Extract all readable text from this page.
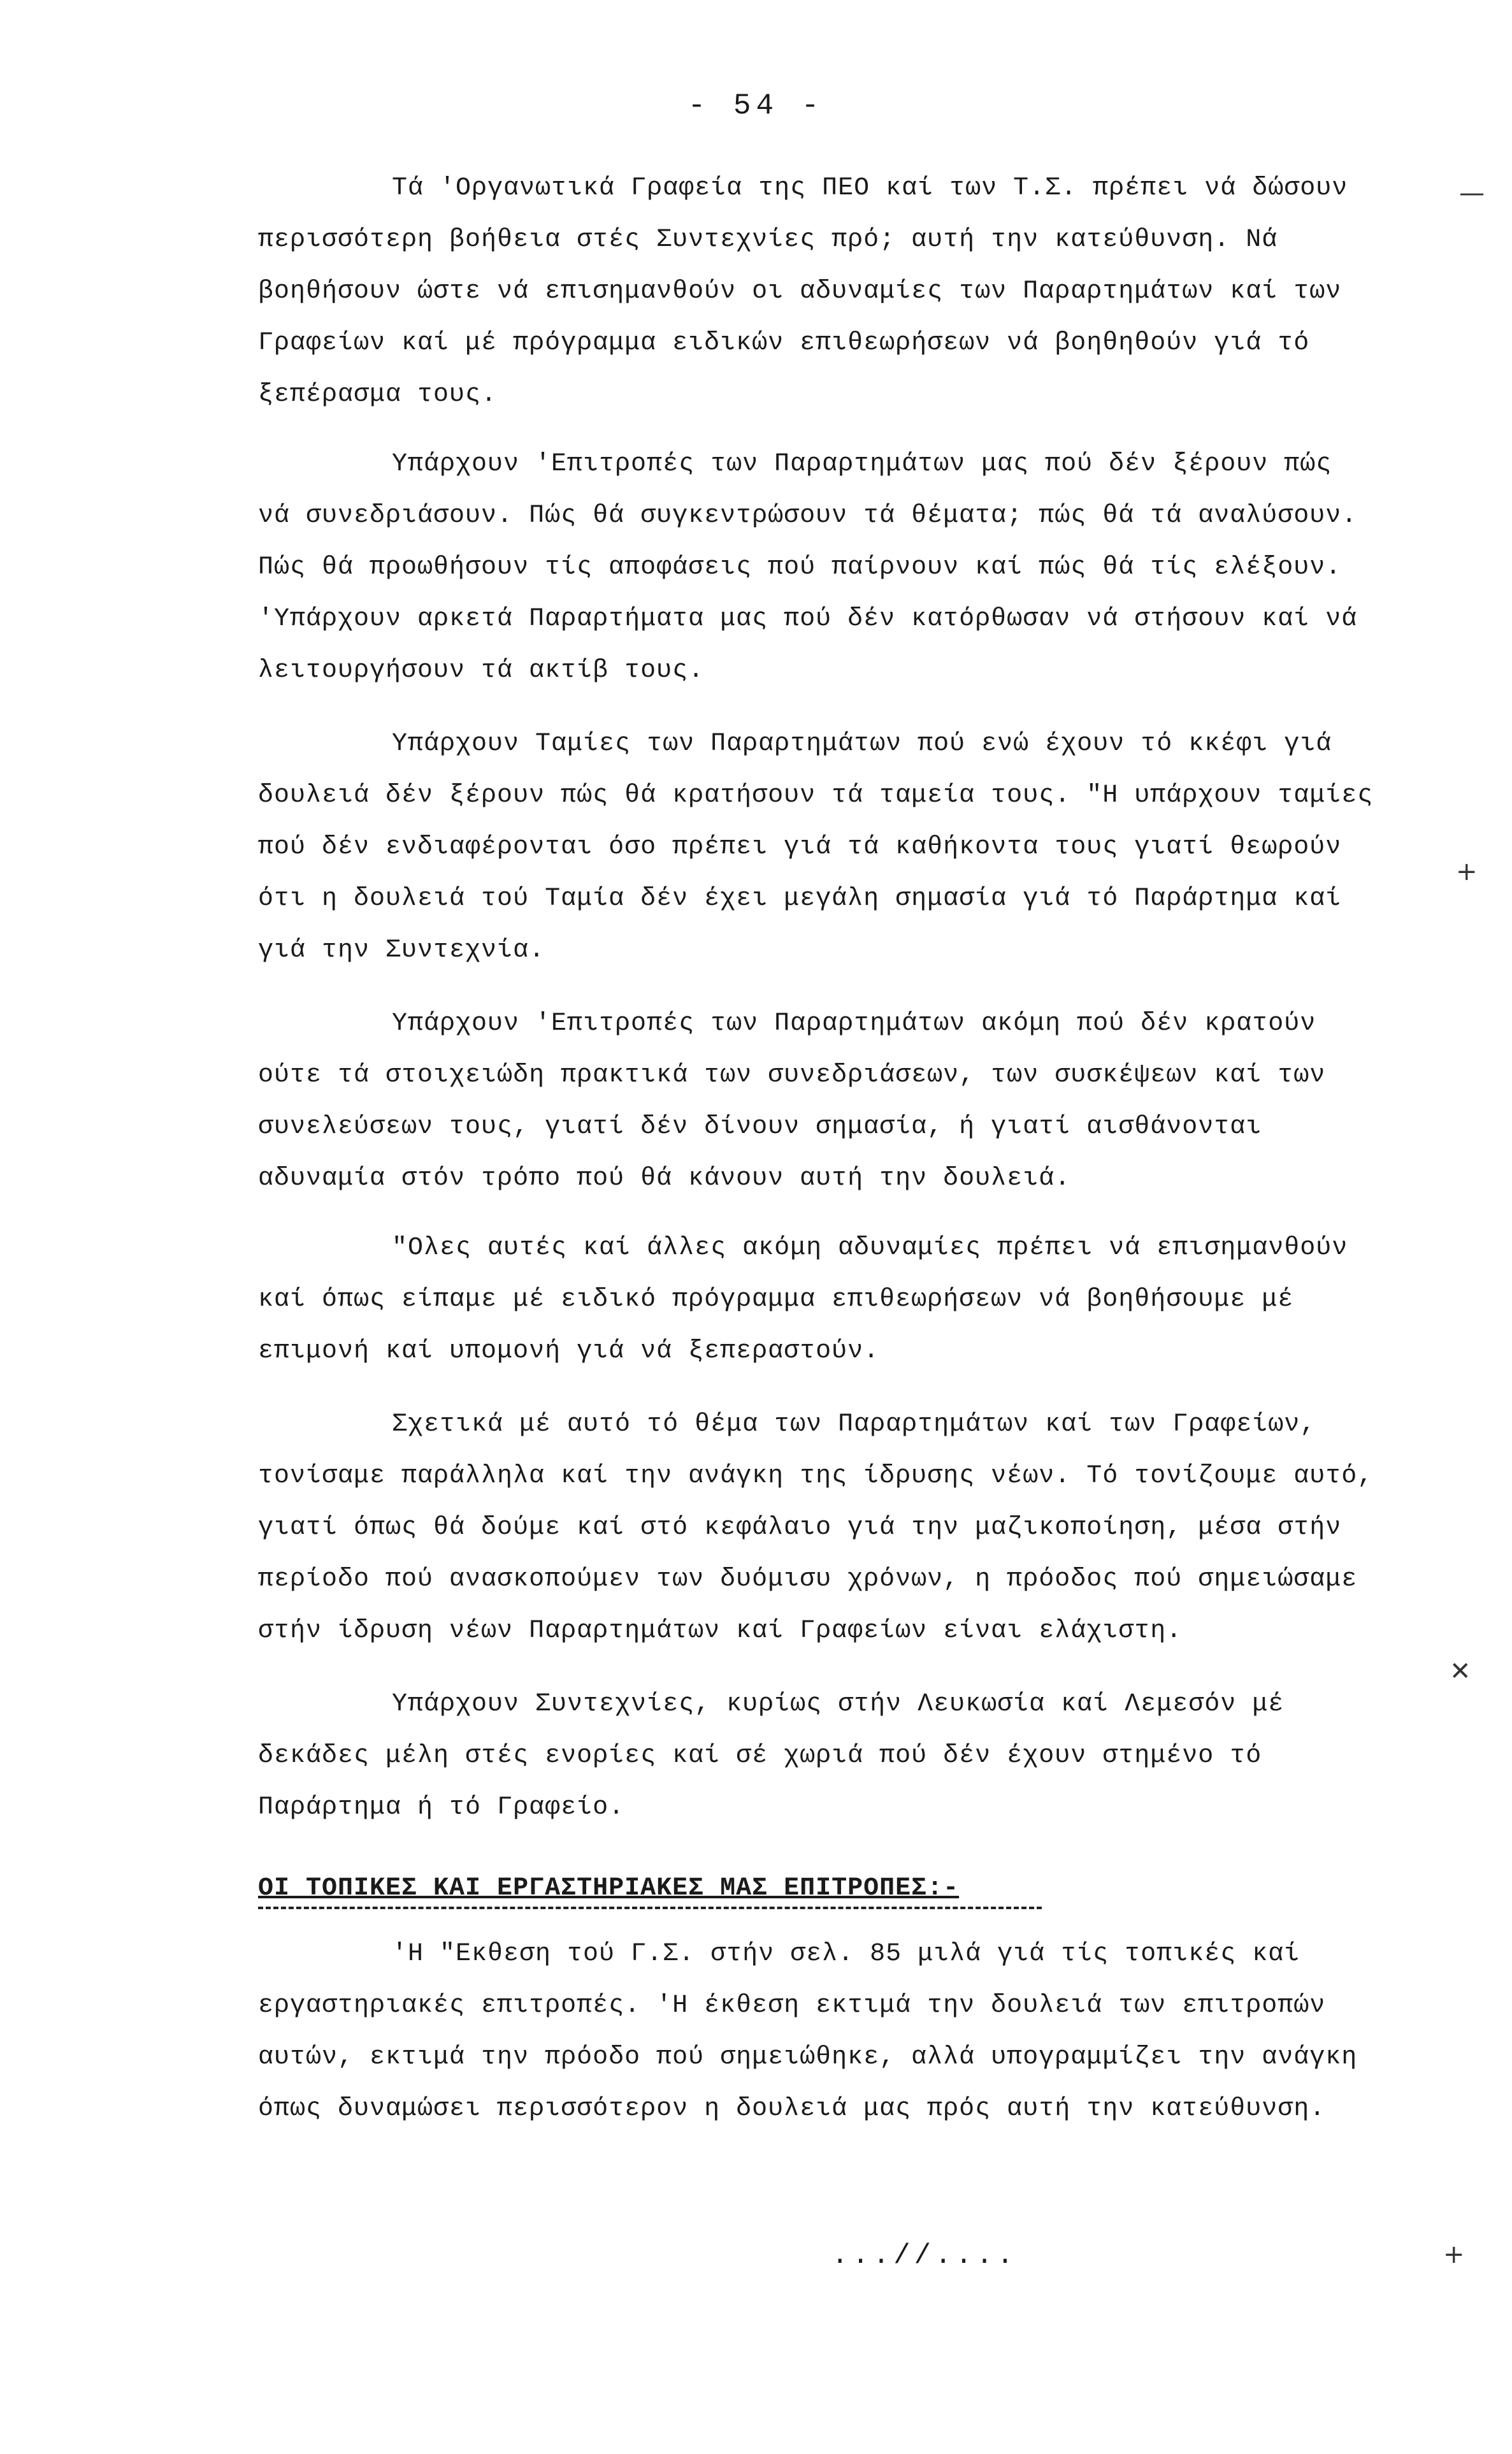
- 54 -

Τά 'Οργανωτικά Γραφεία της ΠΕΟ καί των Τ.Σ. πρέπει νά δώσουν περισσότερη βοήθεια στές Συντεχνίες πρό; αυτή την κατεύθυνση. Νά βοηθήσουν ώστε νά επισημανθούν οι αδυναμίες των Παραρτημάτων καί των Γραφείων καί μέ πρόγραμμα ειδικών επιθεωρήσεων νά βοηθηθούν γιά τό ξεπέρασμα τους.

Υπάρχουν 'Επιτροπές των Παραρτημάτων μας πού δέν ξέρουν πώς νά συνεδριάσουν. Πώς θά συγκεντρώσουν τά θέματα; πώς θά τά αναλύσουν. Πώς θά προωθήσουν τίς αποφάσεις πού παίρνουν καί πώς θά τίς ελέξουν. 'Υπάρχουν αρκετά Παραρτήματα μας πού δέν κατόρθωσαν νά στήσουν καί νά λειτουργήσουν τά ακτίβ τους.

Υπάρχουν Ταμίες των Παραρτημάτων πού ενώ έχουν τό κκέφι γιά δουλειά δέν ξέρουν πώς θά κρατήσουν τά ταμεία τους. "Η υπάρχουν ταμίες πού δέν ενδιαφέρονται όσο πρέπει γιά τά καθήκοντα τους γιατί θεωρούν ότι η δουλειά τού Ταμία δέν έχει μεγάλη σημασία γιά τό Παράρτημα καί γιά την Συντεχνία.

Υπάρχουν 'Επιτροπές των Παραρτημάτων ακόμη πού δέν κρατούν ούτε τά στοιχειώδη πρακτικά των συνεδριάσεων, των συσκέψεων καί των συνελεύσεων τους, γιατί δέν δίνουν σημασία, ή γιατί αισθάνονται αδυναμία στόν τρόπο πού θά κάνουν αυτή την δουλειά.

"Ολες αυτές καί άλλες ακόμη αδυναμίες πρέπει νά επισημανθούν καί όπως είπαμε μέ ειδικό πρόγραμμα επιθεωρήσεων νά βοηθήσουμε μέ επιμονή καί υπομονή γιά νά ξεπεραστούν.

Σχετικά μέ αυτό τό θέμα των Παραρτημάτων καί των Γραφείων, τονίσαμε παράλληλα καί την ανάγκη της ίδρυσης νέων. Τό τονίζουμε αυτό, γιατί όπως θά δούμε καί στό κεφάλαιο γιά την μαζικοποίηση, μέσα στήν περίοδο πού ανασκοπούμεν των δυόμισυ χρόνων, η πρόοδος πού σημειώσαμε στήν ίδρυση νέων Παραρτημάτων καί Γραφείων είναι ελάχιστη.

Υπάρχουν Συντεχνίες, κυρίως στήν Λευκωσία καί Λεμεσόν μέ δεκάδες μέλη στές ενορίες καί σέ χωριά πού δέν έχουν στημένο τό Παράρτημα ή τό Γραφείο.

ΟΙ ΤΟΠΙΚΕΣ ΚΑΙ ΕΡΓΑΣΤΗΡΙΑΚΕΣ ΜΑΣ ΕΠΙΤΡΟΠΕΣ:-

'Η "Εκθεση τού Γ.Σ. στήν σελ. 85 μιλά γιά τίς τοπικές καί εργαστηριακές επιτροπές. 'Η έκθεση εκτιμά την δουλειά των επιτροπών αυτών, εκτιμά την πρόοδο πού σημειώθηκε, αλλά υπογραμμίζει την ανάγκη όπως δυναμώσει περισσότερον η δουλειά μας πρός αυτή την κατεύθυνση.

...//....
—
+
✕
+
